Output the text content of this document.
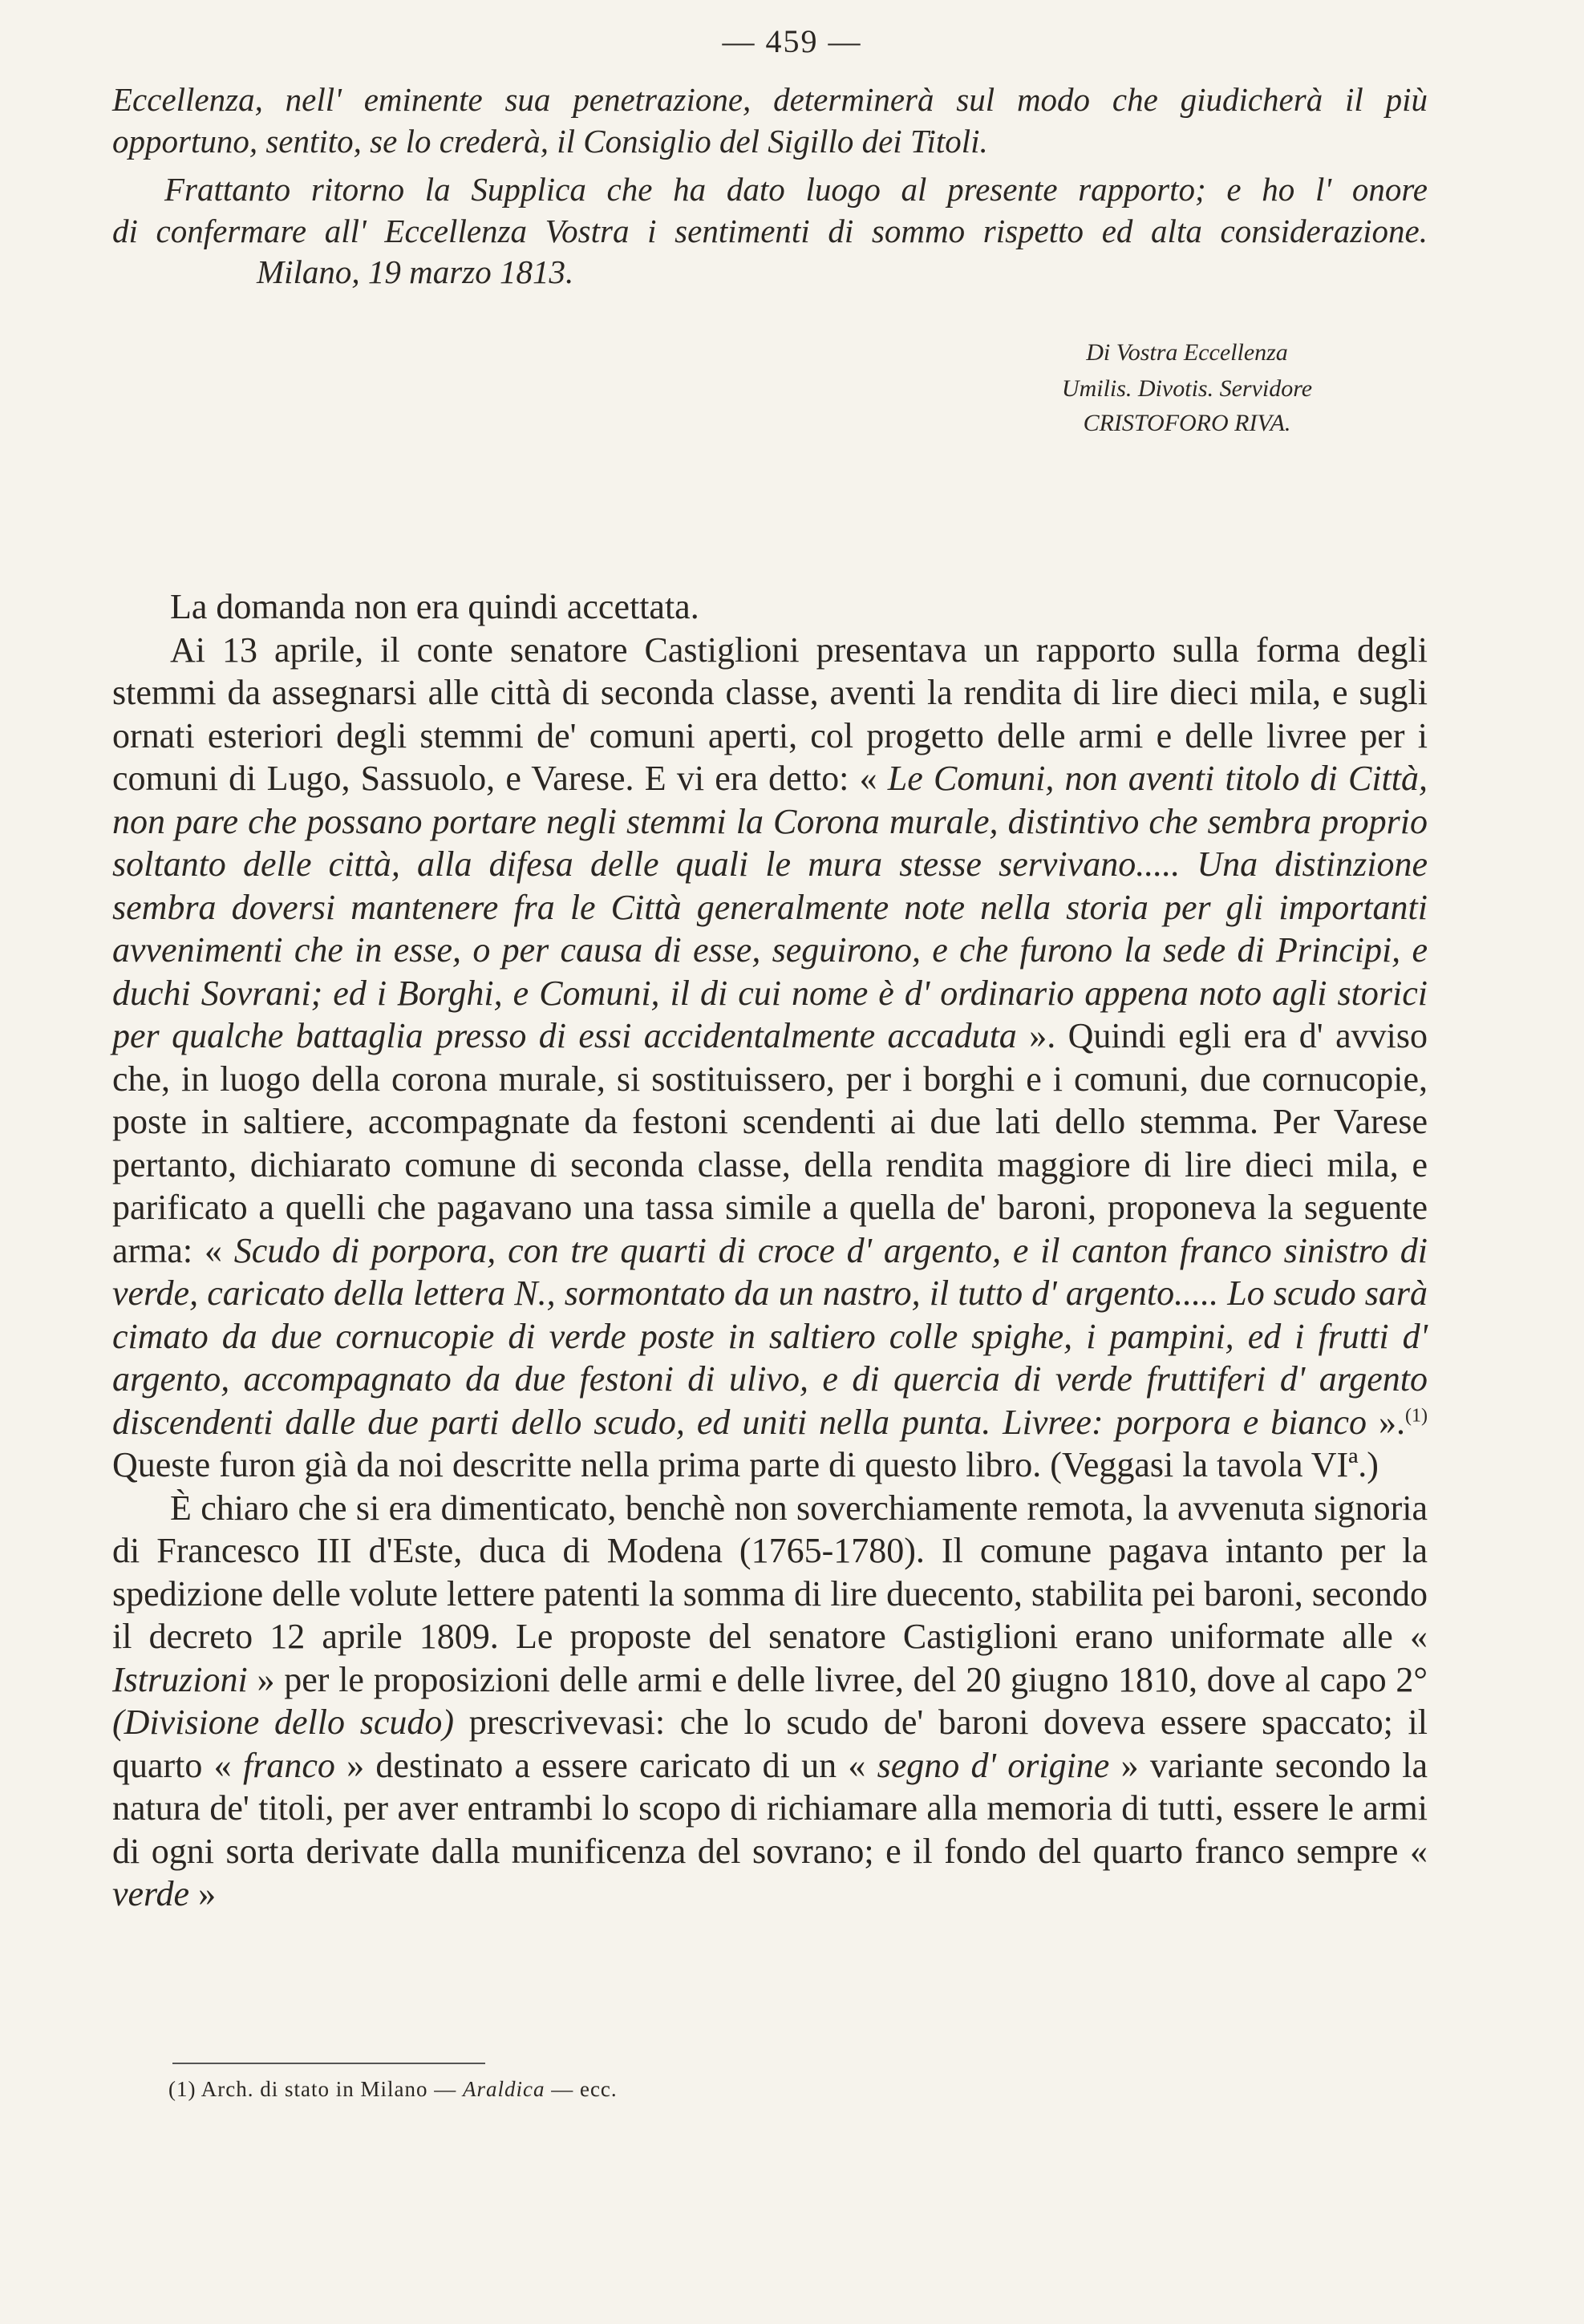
— 459 —
Eccellenza, nell' eminente sua penetrazione, determinerà sul modo che giudicherà il più
opportuno, sentito, se lo crederà, il Consiglio del Sigillo dei Titoli.
Frattanto ritorno la Supplica che ha dato luogo al presente rapporto; e ho l' onore
di confermare all' Eccellenza Vostra i sentimenti di sommo rispetto ed alta considerazione.
Milano, 19 marzo 1813.
Di Vostra Eccellenza
Umilis. Divotis. Servidore
CRISTOFORO RIVA.

La domanda non era quindi accettata.

Ai 13 aprile, il conte senatore Castiglioni presentava un rapporto sulla forma degli stemmi da assegnarsi alle città di seconda classe, aventi la rendita di lire dieci mila, e sugli ornati esteriori degli stemmi de' comuni aperti, col progetto delle armi e delle livree per i comuni di Lugo, Sassuolo, e Varese. E vi era detto: « Le Comuni, non aventi titolo di Città, non pare che possano portare negli stemmi la Corona murale, distintivo che sembra proprio soltanto delle città, alla difesa delle quali le mura stesse servivano..... Una distinzione sembra doversi mantenere fra le Città generalmente note nella storia per gli importanti avvenimenti che in esse, o per causa di esse, seguirono, e che furono la sede di Principi, e duchi Sovrani; ed i Borghi, e Comuni, il di cui nome è d' ordinario appena noto agli storici per qualche battaglia presso di essi accidentalmente accaduta ». Quindi egli era d' avviso che, in luogo della corona murale, si sostituissero, per i borghi e i comuni, due cornucopie, poste in saltiere, accompagnate da festoni scendenti ai due lati dello stemma. Per Varese pertanto, dichiarato comune di seconda classe, della rendita maggiore di lire dieci mila, e parificato a quelli che pagavano una tassa simile a quella de' baroni, proponeva la seguente arma: « Scudo di porpora, con tre quarti di croce d' argento, e il canton franco sinistro di verde, caricato della lettera N., sormontato da un nastro, il tutto d' argento..... Lo scudo sarà cimato da due cornucopie di verde poste in saltiero colle spighe, i pampini, ed i frutti d' argento, accompagnato da due festoni di ulivo, e di quercia di verde fruttiferi d' argento discendenti dalle due parti dello scudo, ed uniti nella punta. Livree: porpora e bianco ».$^{(1)}$ Queste furon già da noi descritte nella prima parte di questo libro. (Veggasi la tavola VIª.)

È chiaro che si era dimenticato, benchè non soverchiamente remota, la avvenuta signoria di Francesco III d'Este, duca di Modena (1765-1780). Il comune pagava intanto per la spedizione delle volute lettere patenti la somma di lire duecento, stabilita pei baroni, secondo il decreto 12 aprile 1809. Le proposte del senatore Castiglioni erano uniformate alle « Istruzioni » per le proposizioni delle armi e delle livree, del 20 giugno 1810, dove al capo 2° (Divisione dello scudo) prescrivevasi: che lo scudo de' baroni doveva essere spaccato; il quarto « franco » destinato a essere caricato di un « segno d' origine » variante secondo la natura de' titoli, per aver entrambi lo scopo di richiamare alla memoria di tutti, essere le armi di ogni sorta derivate dalla munificenza del sovrano; e il fondo del quarto franco sempre « verde »

(1) Arch. di stato in Milano — Araldica — ecc.
